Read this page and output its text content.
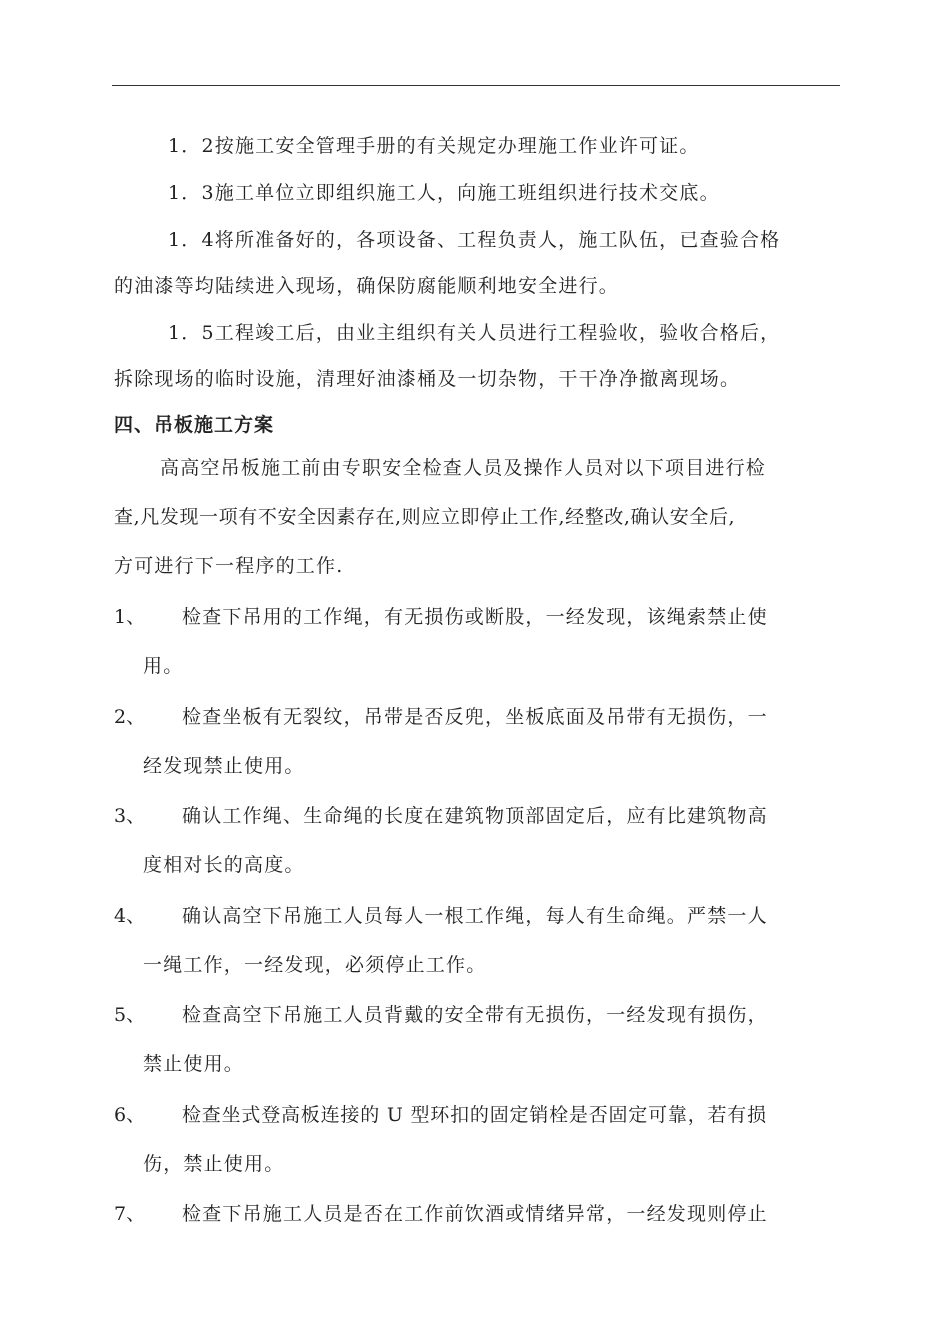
1．2按施工安全管理手册的有关规定办理施工作业许可证。
1．3施工单位立即组织施工人，向施工班组织进行技术交底。
1．4将所准备好的，各项设备、工程负责人，施工队伍，已查验合格
的油漆等均陆续进入现场，确保防腐能顺利地安全进行。
1．5工程竣工后，由业主组织有关人员进行工程验收，验收合格后，
拆除现场的临时设施，清理好油漆桶及一切杂物，干干净净撤离现场。
四、吊板施工方案
高高空吊板施工前由专职安全检查人员及操作人员对以下项目进行检
查,凡发现一项有不安全因素存在,则应立即停止工作,经整改,确认安全后,
方可进行下一程序的工作.
1、 检查下吊用的工作绳，有无损伤或断股，一经发现，该绳索禁止使
用。
2、 检查坐板有无裂纹，吊带是否反兜，坐板底面及吊带有无损伤，一
经发现禁止使用。
3、 确认工作绳、生命绳的长度在建筑物顶部固定后，应有比建筑物高
度相对长的高度。
4、 确认高空下吊施工人员每人一根工作绳，每人有生命绳。严禁一人
一绳工作，一经发现，必须停止工作。
5、 检查高空下吊施工人员背戴的安全带有无损伤，一经发现有损伤，
禁止使用。
6、 检查坐式登高板连接的 U 型环扣的固定销栓是否固定可靠，若有损
伤，禁止使用。
7、 检查下吊施工人员是否在工作前饮酒或情绪异常，一经发现则停止
